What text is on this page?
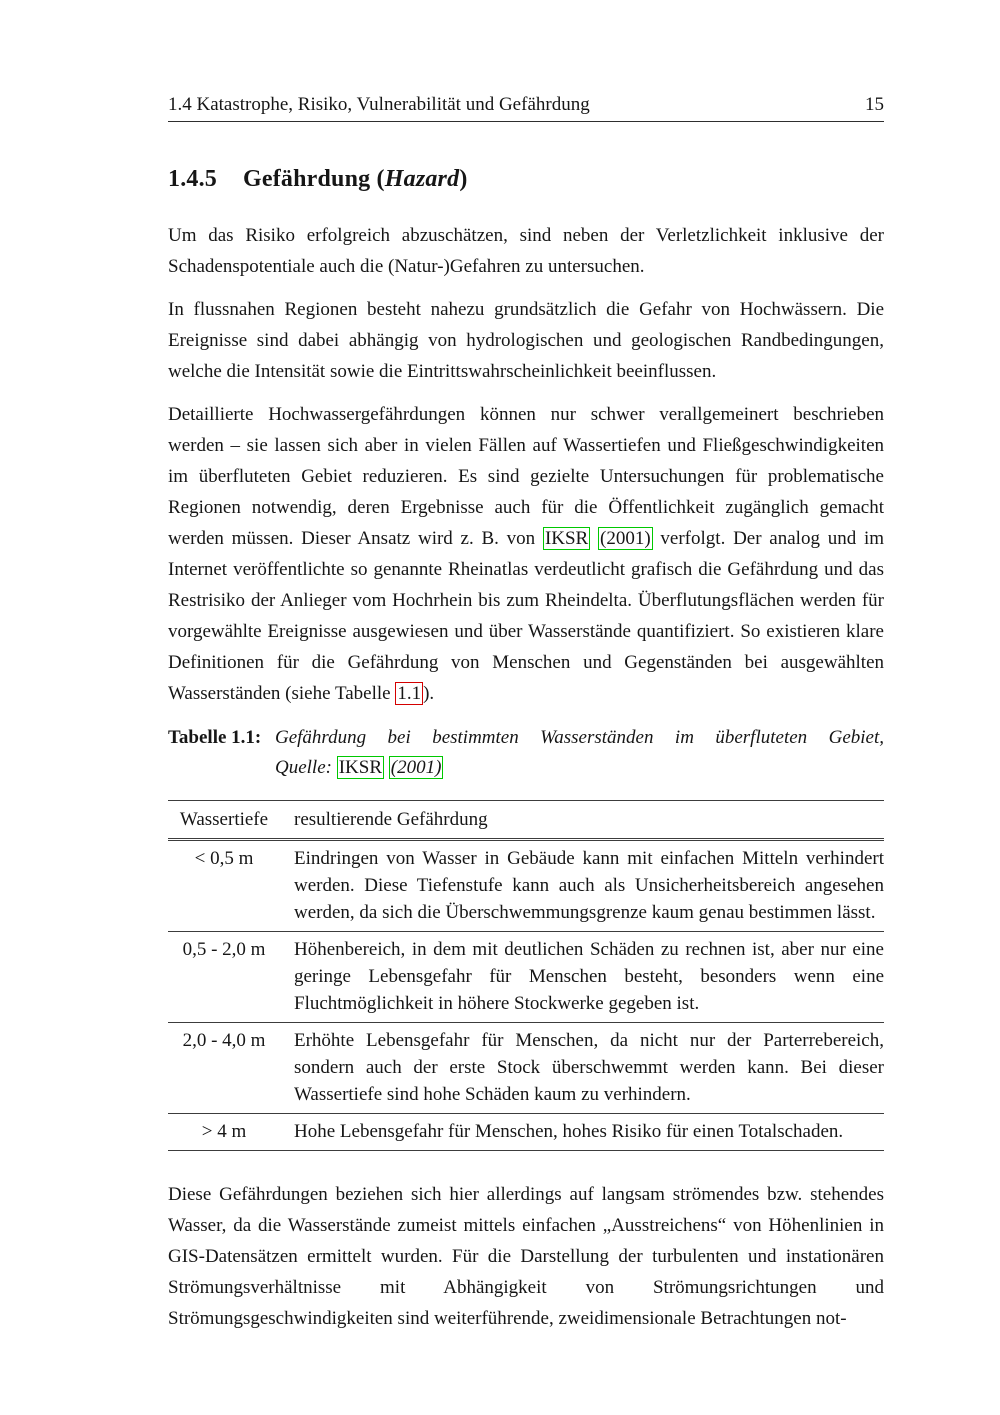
1.4 Katastrophe, Risiko, Vulnerabilität und Gefährdung	15
1.4.5 Gefährdung (Hazard)

Um das Risiko erfolgreich abzuschätzen, sind neben der Verletzlichkeit inklusive der Schadenspotentiale auch die (Natur-)Gefahren zu untersuchen.

In flussnahen Regionen besteht nahezu grundsätzlich die Gefahr von Hochwässern. Die Ereignisse sind dabei abhängig von hydrologischen und geologischen Randbedingungen, welche die Intensität sowie die Eintrittswahrscheinlichkeit beeinflussen.

Detaillierte Hochwassergefährdungen können nur schwer verallgemeinert beschrieben werden – sie lassen sich aber in vielen Fällen auf Wassertiefen und Fließgeschwindigkeiten im überfluteten Gebiet reduzieren. Es sind gezielte Untersuchungen für problematische Regionen notwendig, deren Ergebnisse auch für die Öffentlichkeit zugänglich gemacht werden müssen. Dieser Ansatz wird z. B. von IKSR (2001) verfolgt. Der analog und im Internet veröffentlichte so genannte Rheinatlas verdeutlicht grafisch die Gefährdung und das Restrisiko der Anlieger vom Hochrhein bis zum Rheindelta. Überflutungsflächen werden für vorgewählte Ereignisse ausgewiesen und über Wasserstände quantifiziert. So existieren klare Definitionen für die Gefährdung von Menschen und Gegenständen bei ausgewählten Wasserständen (siehe Tabelle 1.1 ).

Tabelle 1.1: Gefährdung bei bestimmten Wasserständen im überfluteten Gebiet,
Quelle: IKSR (2001)
Wassertiefe	resultierende Gefährdung
< 0,5 m	Eindringen von Wasser in Gebäude kann mit einfachen Mitteln verhindert werden. Diese Tiefenstufe kann auch als Unsicherheitsbereich angesehen werden, da sich die Überschwemmungsgrenze kaum genau bestimmen lässt.
0,5 - 2,0 m	Höhenbereich, in dem mit deutlichen Schäden zu rechnen ist, aber nur eine geringe Lebensgefahr für Menschen besteht, besonders wenn eine Fluchtmöglichkeit in höhere Stockwerke gegeben ist.
2,0 - 4,0 m	Erhöhte Lebensgefahr für Menschen, da nicht nur der Parterrebereich, sondern auch der erste Stock überschwemmt werden kann. Bei dieser Wassertiefe sind hohe Schäden kaum zu verhindern.
> 4 m	Hohe Lebensgefahr für Menschen, hohes Risiko für einen Totalschaden.

Diese Gefährdungen beziehen sich hier allerdings auf langsam strömendes bzw. stehendes Wasser, da die Wasserstände zumeist mittels einfachen „Ausstreichens“ von Höhenlinien in GIS-Datensätzen ermittelt wurden. Für die Darstellung der turbulenten und instationären Strömungsverhältnisse mit Abhängigkeit von Strömungsrichtungen und Strömungsgeschwindigkeiten sind weiterführende, zweidimensionale Betrachtungen not-
